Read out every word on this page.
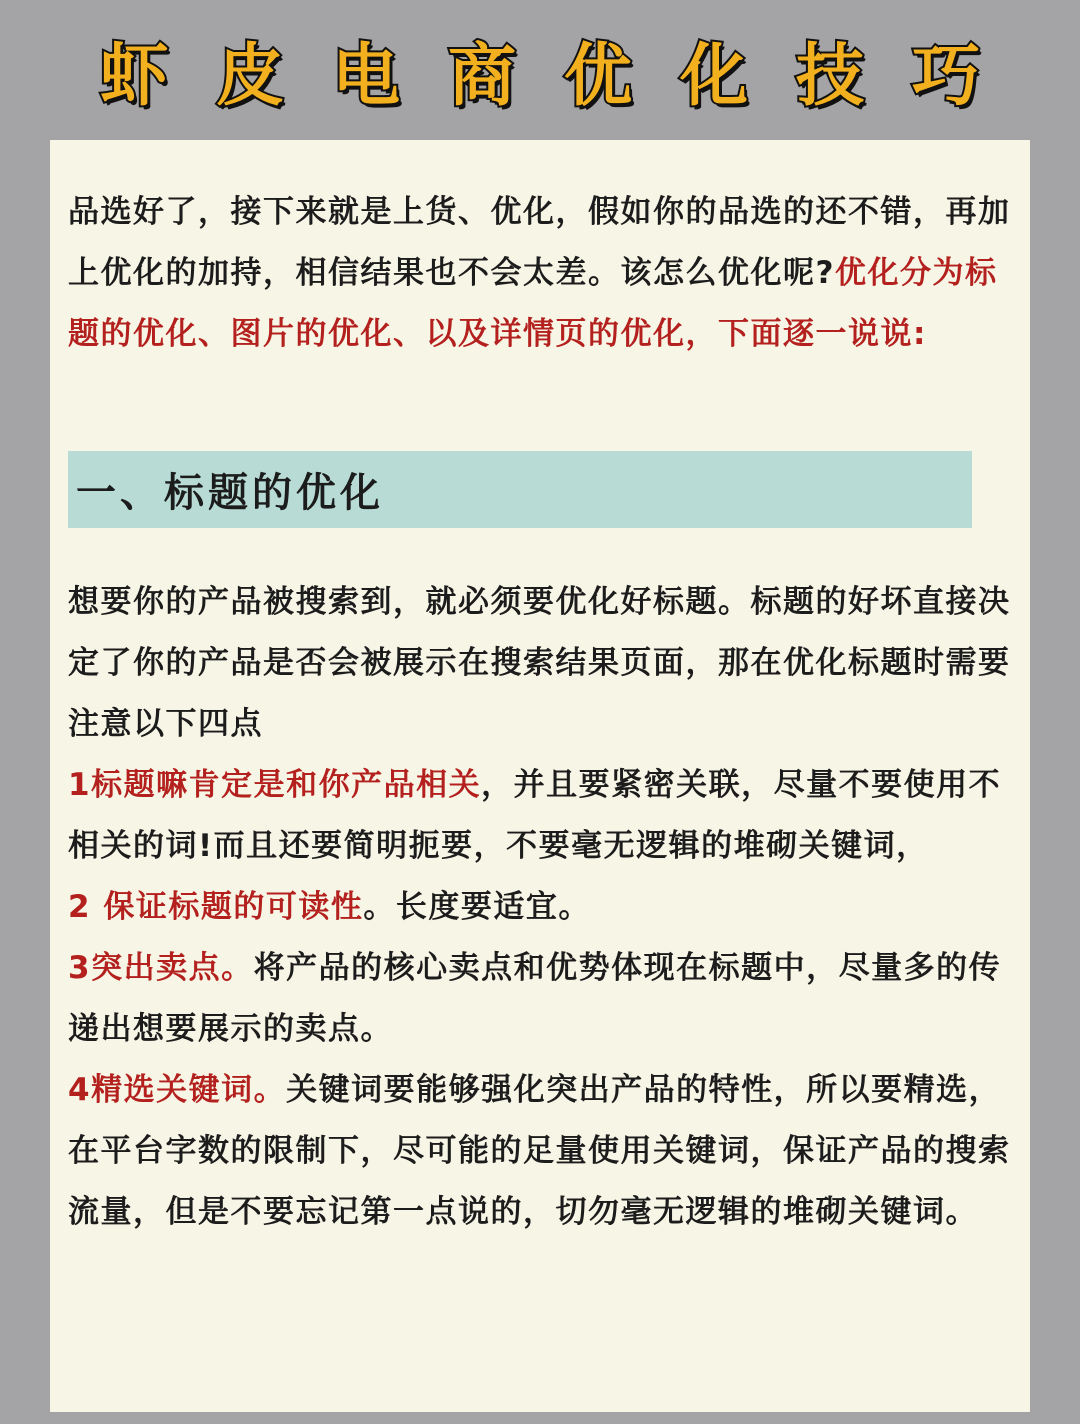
虾皮电商优化技巧

品选好了，接下来就是上货、优化，假如你的品选的还不错，再加上优化的加持，相信结果也不会太差。该怎么优化呢?优化分为标题的优化、图片的优化、以及详情页的优化，下面逐一说说:

一、标题的优化

想要你的产品被搜索到，就必须要优化好标题。标题的好坏直接决定了你的产品是否会被展示在搜索结果页面，那在优化标题时需要注意以下四点

1标题嘛肯定是和你产品相关，并且要紧密关联，尽量不要使用不相关的词!而且还要简明扼要，不要毫无逻辑的堆砌关键词，

2 保证标题的可读性。长度要适宜。

3突出卖点。将产品的核心卖点和优势体现在标题中，尽量多的传递出想要展示的卖点。

4精选关键词。关键词要能够强化突出产品的特性，所以要精选，在平台字数的限制下，尽可能的足量使用关键词，保证产品的搜索流量，但是不要忘记第一点说的，切勿毫无逻辑的堆砌关键词。
